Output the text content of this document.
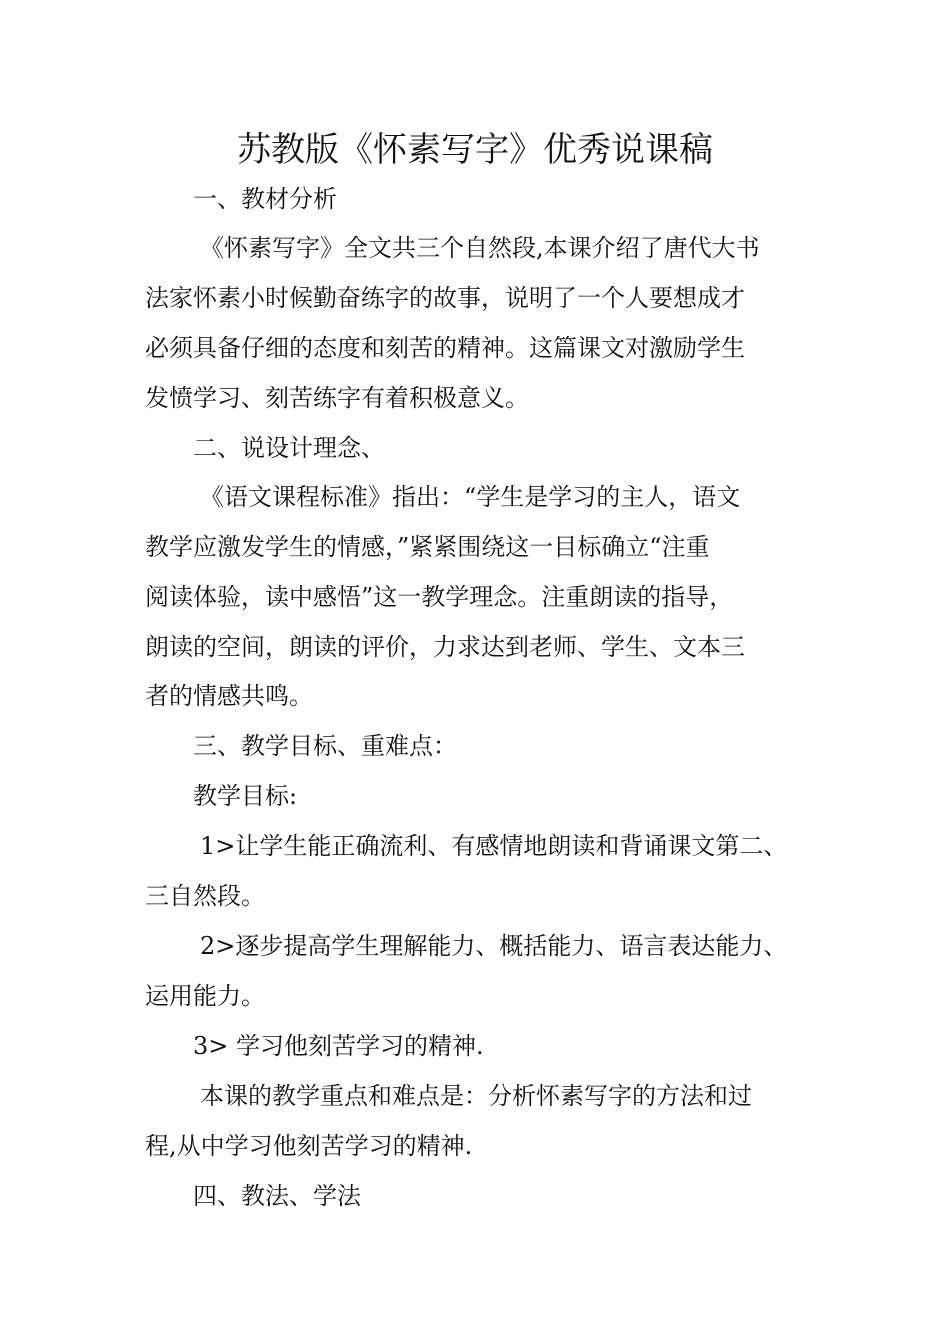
苏教版《怀素写字》优秀说课稿

一、教材分析

《怀素写字》全文共三个自然段,本课介绍了唐代大书

法家怀素小时候勤奋练字的故事，说明了一个人要想成才

必须具备仔细的态度和刻苦的精神。这篇课文对激励学生

发愤学习、刻苦练字有着积极意义。

二、说设计理念、

《语文课程标准》指出：“学生是学习的主人，语文

教学应激发学生的情感，”紧紧围绕这一目标确立“注重

阅读体验，读中感悟”这一教学理念。注重朗读的指导，

朗读的空间，朗读的评价，力求达到老师、学生、文本三

者的情感共鸣。

三、教学目标、重难点：

教学目标:

1>让学生能正确流利、有感情地朗读和背诵课文第二、

三自然段。

2>逐步提高学生理解能力、概括能力、语言表达能力、

运用能力。

3> 学习他刻苦学习的精神.

本课的教学重点和难点是：分析怀素写字的方法和过

程,从中学习他刻苦学习的精神.

四、教法、学法
